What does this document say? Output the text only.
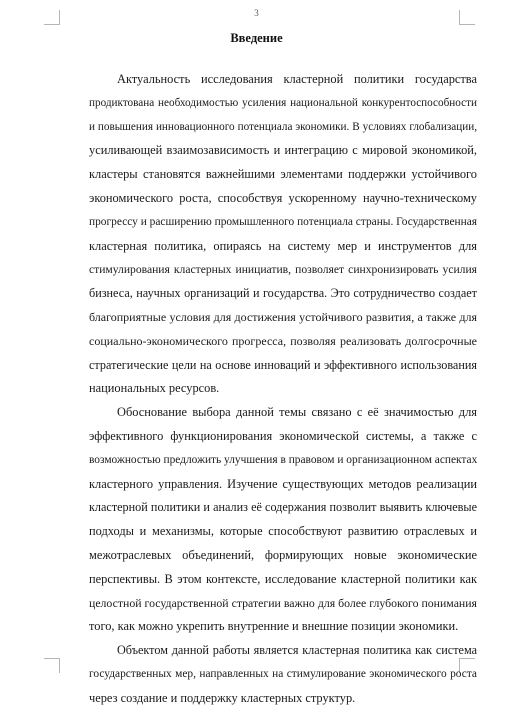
3
Введение
Актуальность исследования кластерной политики государства
продиктована необходимостью усиления национальной конкурентоспособности
и повышения инновационного потенциала экономики. В условиях глобализации,
усиливающей взаимозависимость и интеграцию с мировой экономикой,
кластеры становятся важнейшими элементами поддержки устойчивого
экономического роста, способствуя ускоренному научно-техническому
прогрессу и расширению промышленного потенциала страны. Государственная
кластерная политика, опираясь на систему мер и инструментов для
стимулирования кластерных инициатив, позволяет синхронизировать усилия
бизнеса, научных организаций и государства. Это сотрудничество создает
благоприятные условия для достижения устойчивого развития, а также для
социально-экономического прогресса, позволяя реализовать долгосрочные
стратегические цели на основе инноваций и эффективного использования
национальных ресурсов.
Обоснование выбора данной темы связано с её значимостью для
эффективного функционирования экономической системы, а также с
возможностью предложить улучшения в правовом и организационном аспектах
кластерного управления. Изучение существующих методов реализации
кластерной политики и анализ её содержания позволит выявить ключевые
подходы и механизмы, которые способствуют развитию отраслевых и
межотраслевых объединений, формирующих новые экономические
перспективы. В этом контексте, исследование кластерной политики как
целостной государственной стратегии важно для более глубокого понимания
того, как можно укрепить внутренние и внешние позиции экономики.
Объектом данной работы является кластерная политика как система
государственных мер, направленных на стимулирование экономического роста
через создание и поддержку кластерных структур.
